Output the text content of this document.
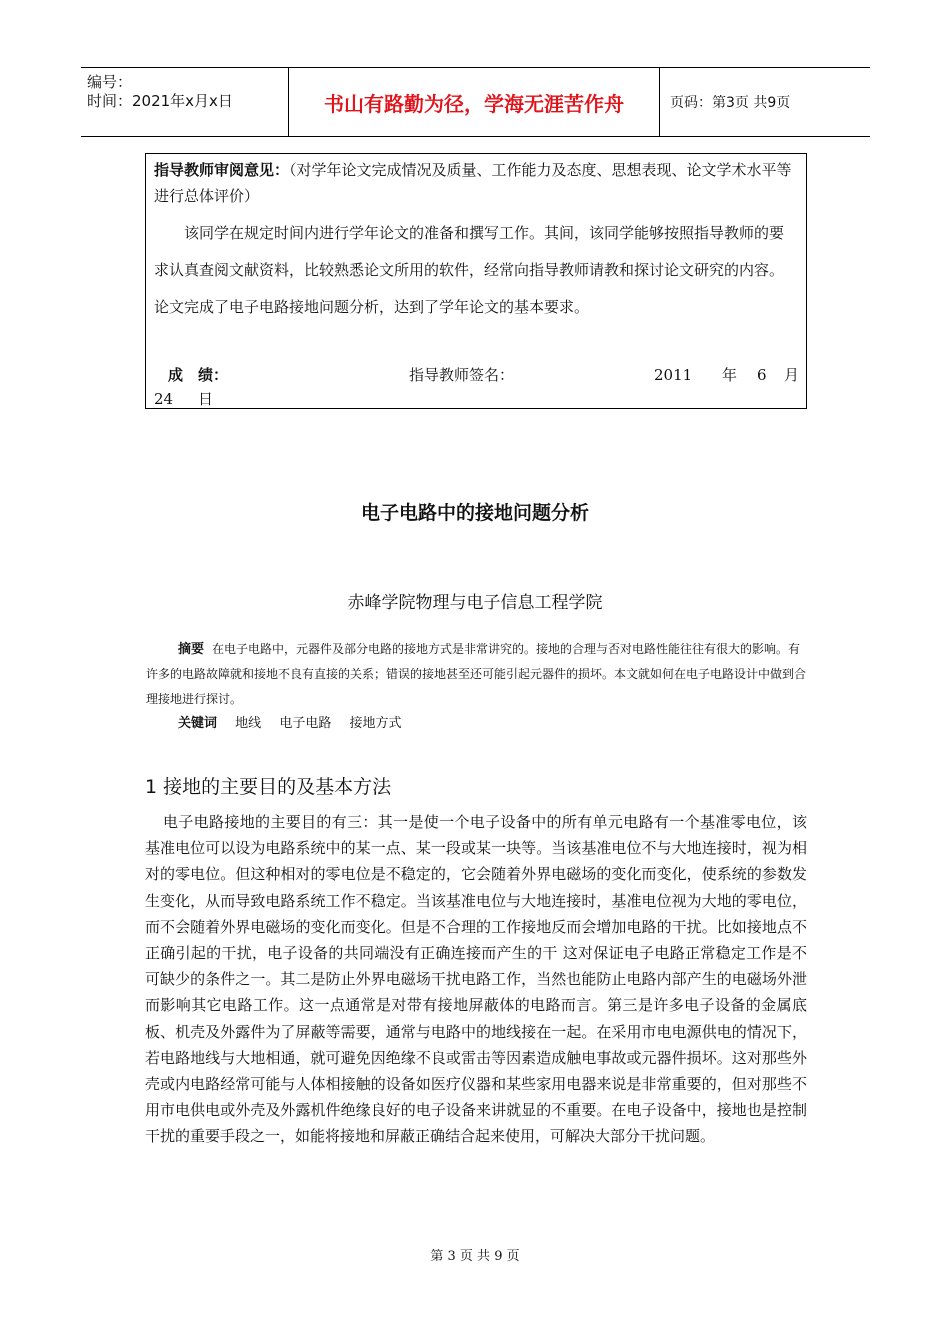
编号：
时间：2021年x月x日	书山有路勤为径，学海无涯苦作舟	页码：第3页 共9页
指导教师审阅意见：（对学年论文完成情况及质量、工作能力及态度、思想表现、论文学术水平等进行总体评价）
该同学在规定时间内进行学年论文的准备和撰写工作。其间，该同学能够按照指导教师的要求认真查阅文献资料，比较熟悉论文所用的软件，经常向指导教师请教和探讨论文研究的内容。论文完成了电子电路接地问题分析，达到了学年论文的基本要求。
成　绩：	指导教师签名：	2011 年 6 月
24 日
电子电路中的接地问题分析
赤峰学院物理与电子信息工程学院
摘要 在电子电路中，元器件及部分电路的接地方式是非常讲究的。接地的合理与否对电路性能往往有很大的影响。有许多的电路故障就和接地不良有直接的关系；错误的接地甚至还可能引起元器件的损坏。本文就如何在电子电路设计中做到合理接地进行探讨。
关键词 地线 电子电路 接地方式
1 接地的主要目的及基本方法
电子电路接地的主要目的有三：其一是使一个电子设备中的所有单元电路有一个基准零电位，该基准电位可以设为电路系统中的某一点、某一段或某一块等。当该基准电位不与大地连接时，视为相对的零电位。但这种相对的零电位是不稳定的，它会随着外界电磁场的变化而变化，使系统的参数发生变化，从而导致电路系统工作不稳定。当该基准电位与大地连接时，基准电位视为大地的零电位，而不会随着外界电磁场的变化而变化。但是不合理的工作接地反而会增加电路的干扰。比如接地点不正确引起的干扰，电子设备的共同端没有正确连接而产生的干 这对保证电子电路正常稳定工作是不可缺少的条件之一。其二是防止外界电磁场干扰电路工作，当然也能防止电路内部产生的电磁场外泄而影响其它电路工作。这一点通常是对带有接地屏蔽体的电路而言。第三是许多电子设备的金属底板、机壳及外露件为了屏蔽等需要，通常与电路中的地线接在一起。在采用市电电源供电的情况下，若电路地线与大地相通，就可避免因绝缘不良或雷击等因素造成触电事故或元器件损坏。这对那些外壳或内电路经常可能与人体相接触的设备如医疗仪器和某些家用电器来说是非常重要的，但对那些不用市电供电或外壳及外露机件绝缘良好的电子设备来讲就显的不重要。在电子设备中，接地也是控制干扰的重要手段之一，如能将接地和屏蔽正确结合起来使用，可解决大部分干扰问题。
第 3 页 共 9 页
